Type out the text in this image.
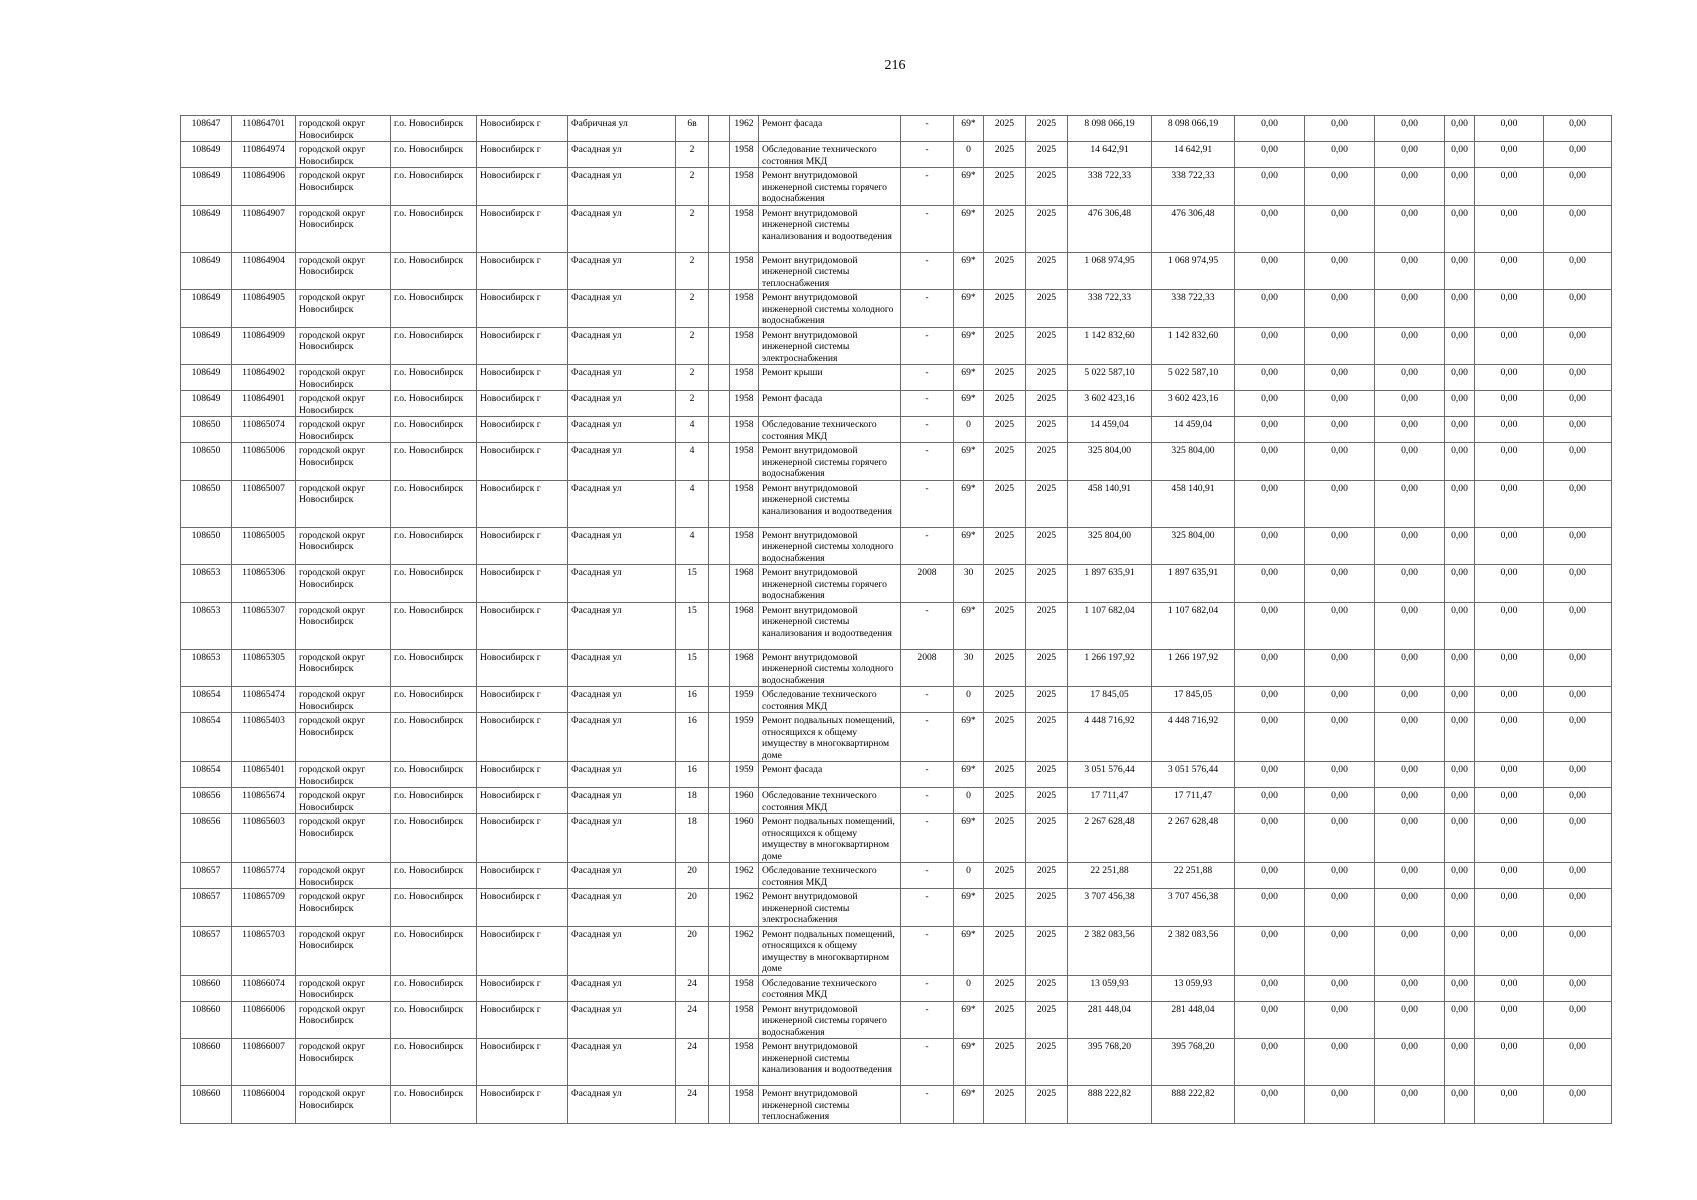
216
108647	110864701	городской округ Новосибирск	г.о. Новосибирск	Новосибирск г	Фабричная ул	6в		1962	Ремонт фасада	-	69*	2025	2025	8 098 066,19	8 098 066,19	0,00	0,00	0,00	0,00	0,00	0,00
108649	110864974	городской округ Новосибирск	г.о. Новосибирск	Новосибирск г	Фасадная ул	2		1958	Обследование технического состояния МКД	-	0	2025	2025	14 642,91	14 642,91	0,00	0,00	0,00	0,00	0,00	0,00
108649	110864906	городской округ Новосибирск	г.о. Новосибирск	Новосибирск г	Фасадная ул	2		1958	Ремонт внутридомовой инженерной системы горячего водоснабжения	-	69*	2025	2025	338 722,33	338 722,33	0,00	0,00	0,00	0,00	0,00	0,00
108649	110864907	городской округ Новосибирск	г.о. Новосибирск	Новосибирск г	Фасадная ул	2		1958	Ремонт внутридомовой инженерной системы канализования и водоотведения	-	69*	2025	2025	476 306,48	476 306,48	0,00	0,00	0,00	0,00	0,00	0,00
108649	110864904	городской округ Новосибирск	г.о. Новосибирск	Новосибирск г	Фасадная ул	2		1958	Ремонт внутридомовой инженерной системы теплоснабжения	-	69*	2025	2025	1 068 974,95	1 068 974,95	0,00	0,00	0,00	0,00	0,00	0,00
108649	110864905	городской округ Новосибирск	г.о. Новосибирск	Новосибирск г	Фасадная ул	2		1958	Ремонт внутридомовой инженерной системы холодного водоснабжения	-	69*	2025	2025	338 722,33	338 722,33	0,00	0,00	0,00	0,00	0,00	0,00
108649	110864909	городской округ Новосибирск	г.о. Новосибирск	Новосибирск г	Фасадная ул	2		1958	Ремонт внутридомовой инженерной системы электроснабжения	-	69*	2025	2025	1 142 832,60	1 142 832,60	0,00	0,00	0,00	0,00	0,00	0,00
108649	110864902	городской округ Новосибирск	г.о. Новосибирск	Новосибирск г	Фасадная ул	2		1958	Ремонт крыши	-	69*	2025	2025	5 022 587,10	5 022 587,10	0,00	0,00	0,00	0,00	0,00	0,00
108649	110864901	городской округ Новосибирск	г.о. Новосибирск	Новосибирск г	Фасадная ул	2		1958	Ремонт фасада	-	69*	2025	2025	3 602 423,16	3 602 423,16	0,00	0,00	0,00	0,00	0,00	0,00
108650	110865074	городской округ Новосибирск	г.о. Новосибирск	Новосибирск г	Фасадная ул	4		1958	Обследование технического состояния МКД	-	0	2025	2025	14 459,04	14 459,04	0,00	0,00	0,00	0,00	0,00	0,00
108650	110865006	городской округ Новосибирск	г.о. Новосибирск	Новосибирск г	Фасадная ул	4		1958	Ремонт внутридомовой инженерной системы горячего водоснабжения	-	69*	2025	2025	325 804,00	325 804,00	0,00	0,00	0,00	0,00	0,00	0,00
108650	110865007	городской округ Новосибирск	г.о. Новосибирск	Новосибирск г	Фасадная ул	4		1958	Ремонт внутридомовой инженерной системы канализования и водоотведения	-	69*	2025	2025	458 140,91	458 140,91	0,00	0,00	0,00	0,00	0,00	0,00
108650	110865005	городской округ Новосибирск	г.о. Новосибирск	Новосибирск г	Фасадная ул	4		1958	Ремонт внутридомовой инженерной системы холодного водоснабжения	-	69*	2025	2025	325 804,00	325 804,00	0,00	0,00	0,00	0,00	0,00	0,00
108653	110865306	городской округ Новосибирск	г.о. Новосибирск	Новосибирск г	Фасадная ул	15		1968	Ремонт внутридомовой инженерной системы горячего водоснабжения	2008	30	2025	2025	1 897 635,91	1 897 635,91	0,00	0,00	0,00	0,00	0,00	0,00
108653	110865307	городской округ Новосибирск	г.о. Новосибирск	Новосибирск г	Фасадная ул	15		1968	Ремонт внутридомовой инженерной системы канализования и водоотведения	-	69*	2025	2025	1 107 682,04	1 107 682,04	0,00	0,00	0,00	0,00	0,00	0,00
108653	110865305	городской округ Новосибирск	г.о. Новосибирск	Новосибирск г	Фасадная ул	15		1968	Ремонт внутридомовой инженерной системы холодного водоснабжения	2008	30	2025	2025	1 266 197,92	1 266 197,92	0,00	0,00	0,00	0,00	0,00	0,00
108654	110865474	городской округ Новосибирск	г.о. Новосибирск	Новосибирск г	Фасадная ул	16		1959	Обследование технического состояния МКД	-	0	2025	2025	17 845,05	17 845,05	0,00	0,00	0,00	0,00	0,00	0,00
108654	110865403	городской округ Новосибирск	г.о. Новосибирск	Новосибирск г	Фасадная ул	16		1959	Ремонт подвальных помещений, относящихся к общему имуществу в многоквартирном доме	-	69*	2025	2025	4 448 716,92	4 448 716,92	0,00	0,00	0,00	0,00	0,00	0,00
108654	110865401	городской округ Новосибирск	г.о. Новосибирск	Новосибирск г	Фасадная ул	16		1959	Ремонт фасада	-	69*	2025	2025	3 051 576,44	3 051 576,44	0,00	0,00	0,00	0,00	0,00	0,00
108656	110865674	городской округ Новосибирск	г.о. Новосибирск	Новосибирск г	Фасадная ул	18		1960	Обследование технического состояния МКД	-	0	2025	2025	17 711,47	17 711,47	0,00	0,00	0,00	0,00	0,00	0,00
108656	110865603	городской округ Новосибирск	г.о. Новосибирск	Новосибирск г	Фасадная ул	18		1960	Ремонт подвальных помещений, относящихся к общему имуществу в многоквартирном доме	-	69*	2025	2025	2 267 628,48	2 267 628,48	0,00	0,00	0,00	0,00	0,00	0,00
108657	110865774	городской округ Новосибирск	г.о. Новосибирск	Новосибирск г	Фасадная ул	20		1962	Обследование технического состояния МКД	-	0	2025	2025	22 251,88	22 251,88	0,00	0,00	0,00	0,00	0,00	0,00
108657	110865709	городской округ Новосибирск	г.о. Новосибирск	Новосибирск г	Фасадная ул	20		1962	Ремонт внутридомовой инженерной системы электроснабжения	-	69*	2025	2025	3 707 456,38	3 707 456,38	0,00	0,00	0,00	0,00	0,00	0,00
108657	110865703	городской округ Новосибирск	г.о. Новосибирск	Новосибирск г	Фасадная ул	20		1962	Ремонт подвальных помещений, относящихся к общему имуществу в многоквартирном доме	-	69*	2025	2025	2 382 083,56	2 382 083,56	0,00	0,00	0,00	0,00	0,00	0,00
108660	110866074	городской округ Новосибирск	г.о. Новосибирск	Новосибирск г	Фасадная ул	24		1958	Обследование технического состояния МКД	-	0	2025	2025	13 059,93	13 059,93	0,00	0,00	0,00	0,00	0,00	0,00
108660	110866006	городской округ Новосибирск	г.о. Новосибирск	Новосибирск г	Фасадная ул	24		1958	Ремонт внутридомовой инженерной системы горячего водоснабжения	-	69*	2025	2025	281 448,04	281 448,04	0,00	0,00	0,00	0,00	0,00	0,00
108660	110866007	городской округ Новосибирск	г.о. Новосибирск	Новосибирск г	Фасадная ул	24		1958	Ремонт внутридомовой инженерной системы канализования и водоотведения	-	69*	2025	2025	395 768,20	395 768,20	0,00	0,00	0,00	0,00	0,00	0,00
108660	110866004	городской округ Новосибирск	г.о. Новосибирск	Новосибирск г	Фасадная ул	24		1958	Ремонт внутридомовой инженерной системы теплоснабжения	-	69*	2025	2025	888 222,82	888 222,82	0,00	0,00	0,00	0,00	0,00	0,00
